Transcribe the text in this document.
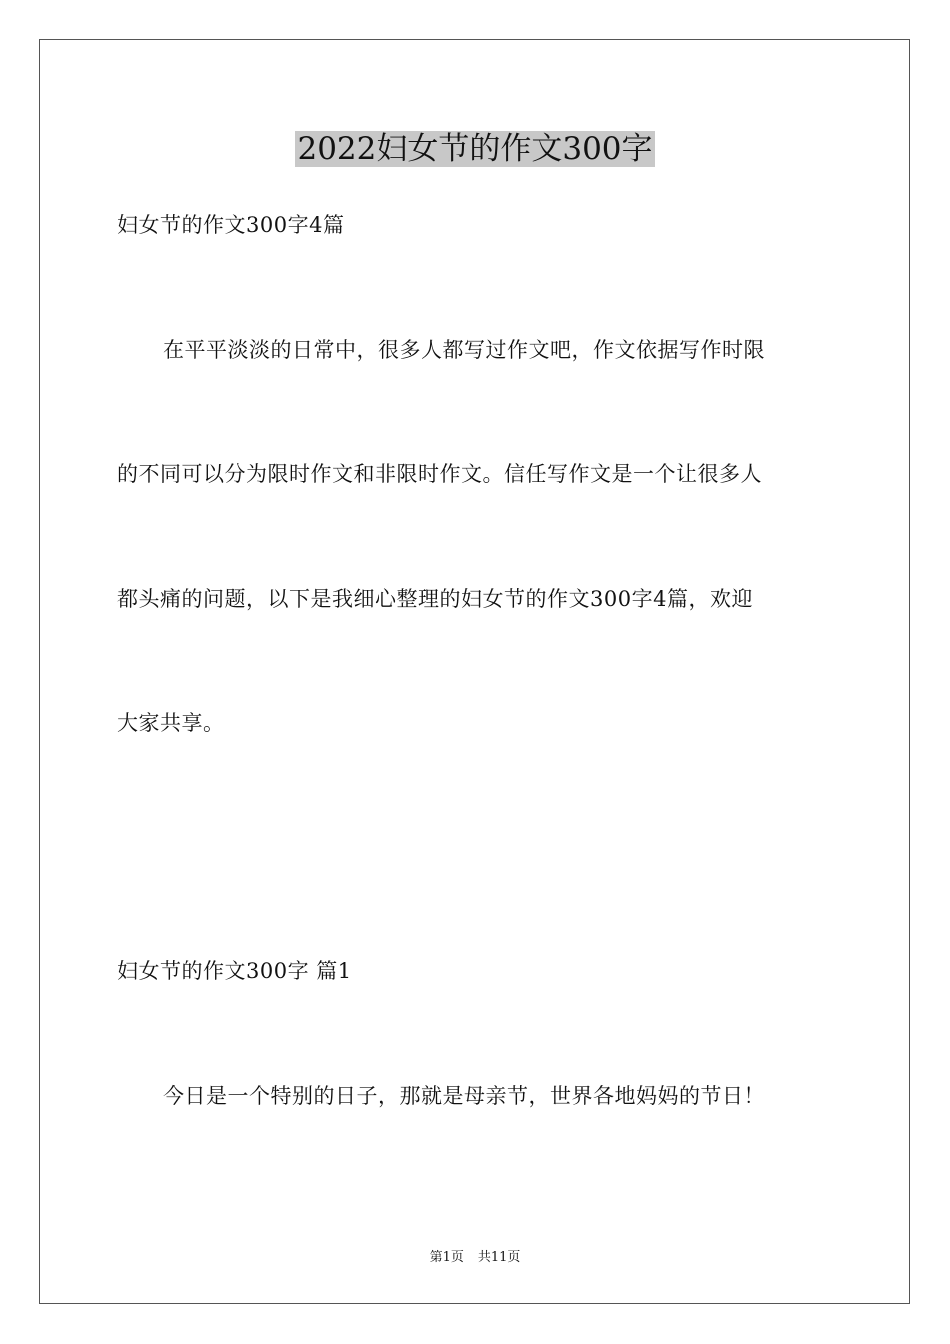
2022妇女节的作文300字
妇女节的作文300字4篇
在平平淡淡的日常中，很多人都写过作文吧，作文依据写作时限
的不同可以分为限时作文和非限时作文。信任写作文是一个让很多人
都头痛的问题，以下是我细心整理的妇女节的作文300字4篇，欢迎
大家共享。
妇女节的作文300字 篇1
今日是一个特别的日子，那就是母亲节，世界各地妈妈的节日！
第1页 共11页
